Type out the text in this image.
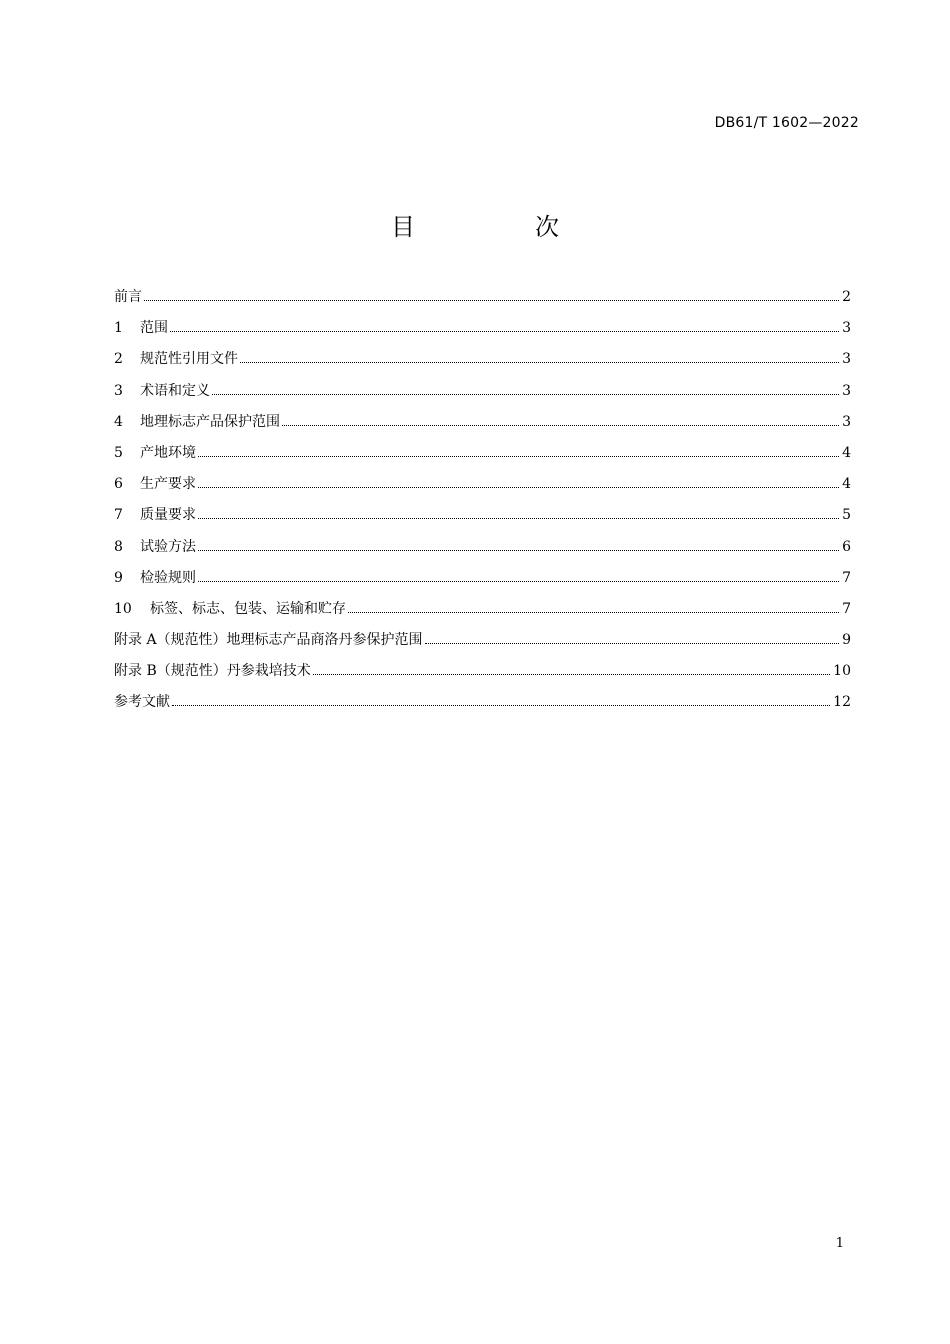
DB61/T 1602—2022
目　次
前言	2
1	范围	3
2	规范性引用文件	3
3	术语和定义	3
4	地理标志产品保护范围	3
5	产地环境	4
6	生产要求	4
7	质量要求	5
8	试验方法	6
9	检验规则	7
10	标签、标志、包装、运输和贮存	7
附录 A（规范性）地理标志产品商洛丹参保护范围	9
附录 B（规范性）丹参栽培技术	10
参考文献	12
1
